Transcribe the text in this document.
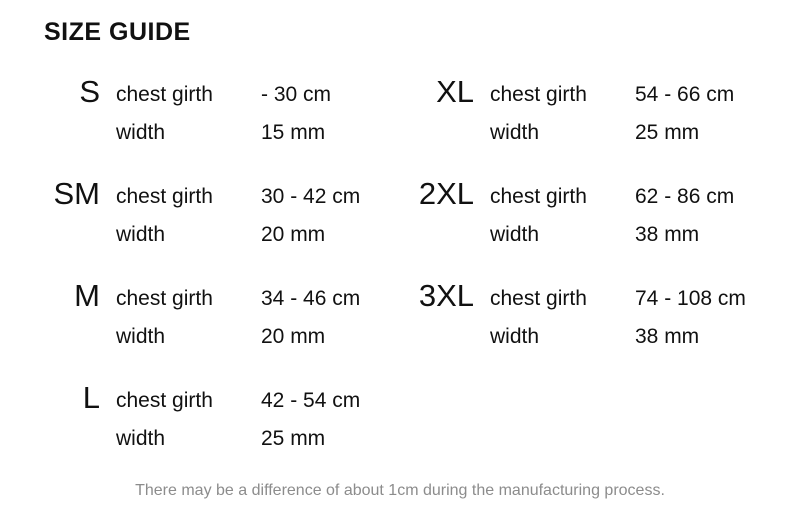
SIZE GUIDE
S chest girth	- 30 cm
width	15 mm
SM chest girth	30 - 42 cm
width	20 mm
M chest girth	34 - 46 cm
width	20 mm
L chest girth	42 - 54 cm
width	25 mm
XL chest girth	54 - 66 cm
width	25 mm
2XL chest girth	62 - 86 cm
width	38 mm
3XL chest girth	74 - 108 cm
width	38 mm
There may be a difference of about 1cm during the manufacturing process.
